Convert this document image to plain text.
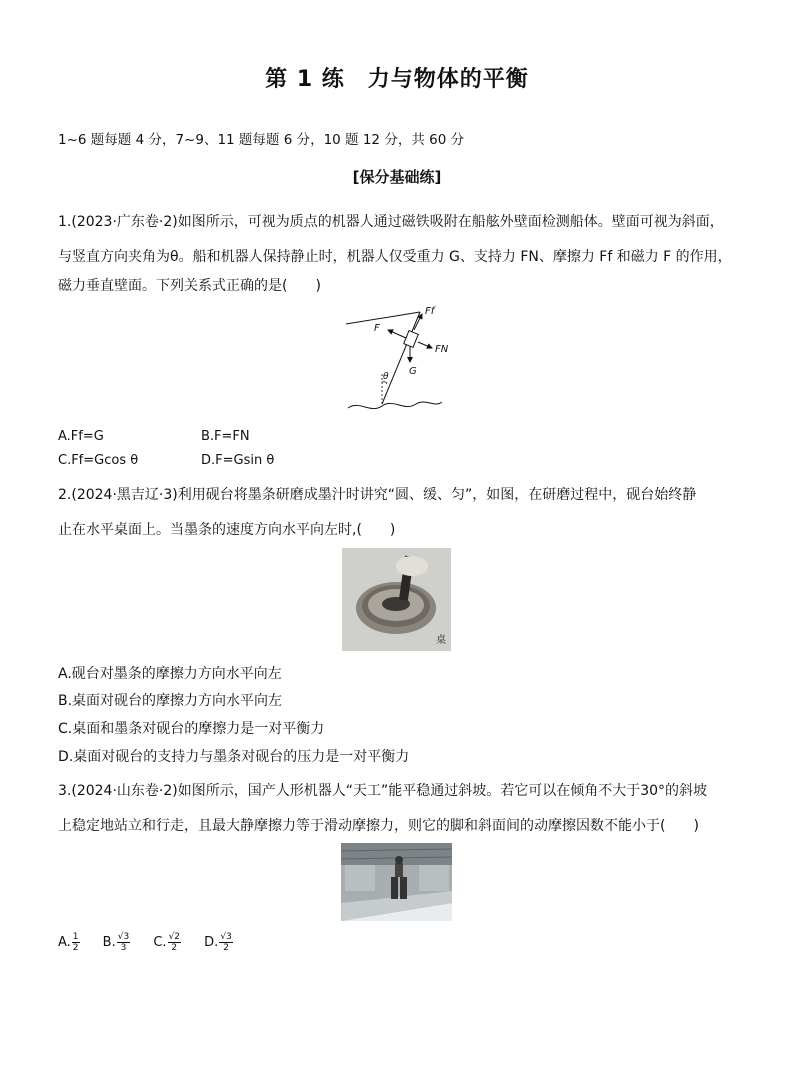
第 1 练　力与物体的平衡
1~6 题每题 4 分，7~9、11 题每题 6 分，10 题 12 分，共 60 分
[保分基础练]
1.(2023·广东卷·2)如图所示，可视为质点的机器人通过磁铁吸附在船舷外壁面检测船体。壁面可视为斜面，
与竖直方向夹角为θ。船和机器人保持静止时，机器人仅受重力 G、支持力 FN、摩擦力 Ff 和磁力 F 的作用，
磁力垂直壁面。下列关系式正确的是(　　)
Ff
F
FN
G
θ
A.Ff=G	B.F=FN
C.Ff=Gcos θ	D.F=Gsin θ
2.(2024·黑吉辽·3)利用砚台将墨条研磨成墨汁时讲究“圆、缓、匀”，如图，在研磨过程中，砚台始终静
止在水平桌面上。当墨条的速度方向水平向左时,(　　)
桌
A.砚台对墨条的摩擦力方向水平向左
B.桌面对砚台的摩擦力方向水平向左
C.桌面和墨条对砚台的摩擦力是一对平衡力
D.桌面对砚台的支持力与墨条对砚台的压力是一对平衡力
3.(2024·山东卷·2)如图所示，国产人形机器人“天工”能平稳通过斜坡。若它可以在倾角不大于30°的斜坡
上稳定地站立和行走，且最大静摩擦力等于滑动摩擦力，则它的脚和斜面间的动摩擦因数不能小于(　　)
A. $\frac{1}{2} B$. $\frac{√3}{3} C$. $\frac{√2}{2} D$. $\frac{√3}{2}$
